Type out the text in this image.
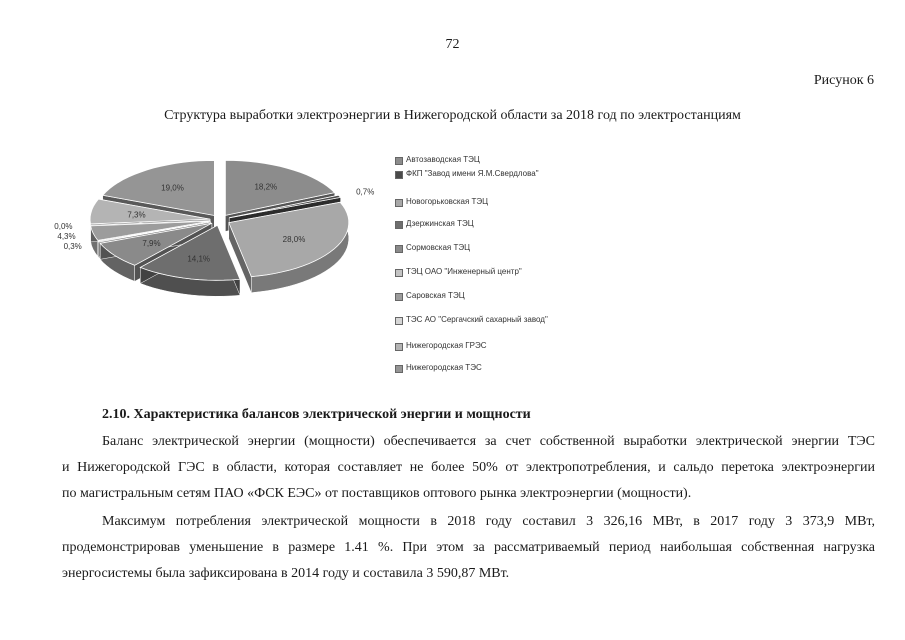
72
Рисунок 6
Структура выработки электроэнергии в Нижегородской области за 2018 год по электростанциям
18,2%
0,7%
28,0%
14,1%
7,9%
0,3%
4,3%
0,0%
7,3%
19,0%
Автозаводская ТЭЦ
ФКП "Завод имени Я.М.Свердлова"
Новогорьковская ТЭЦ
Дзержинская ТЭЦ
Сормовская ТЭЦ
ТЭЦ ОАО "Инженерный центр"
Саровская ТЭЦ
ТЭС АО "Сергачский сахарный завод"
Нижегородская ГРЭС
Нижегородская ТЭС
2.10. Характеристика балансов электрической энергии и мощности
Баланс электрической энергии (мощности) обеспечивается за счет собственной выработки электрической энергии ТЭС
и Нижегородской ГЭС в области, которая составляет не более 50% от электропотребления, и сальдо перетока электроэнергии
по магистральным сетям ПАО «ФСК ЕЭС» от поставщиков оптового рынка электроэнергии (мощности).
Максимум потребления электрической мощности в 2018 году составил 3 326,16 МВт, в 2017 году 3 373,9 МВт,
продемонстрировав уменьшение в размере 1.41 %. При этом за рассматриваемый период наибольшая собственная нагрузка
энергосистемы была зафиксирована в 2014 году и составила 3 590,87 МВт.
